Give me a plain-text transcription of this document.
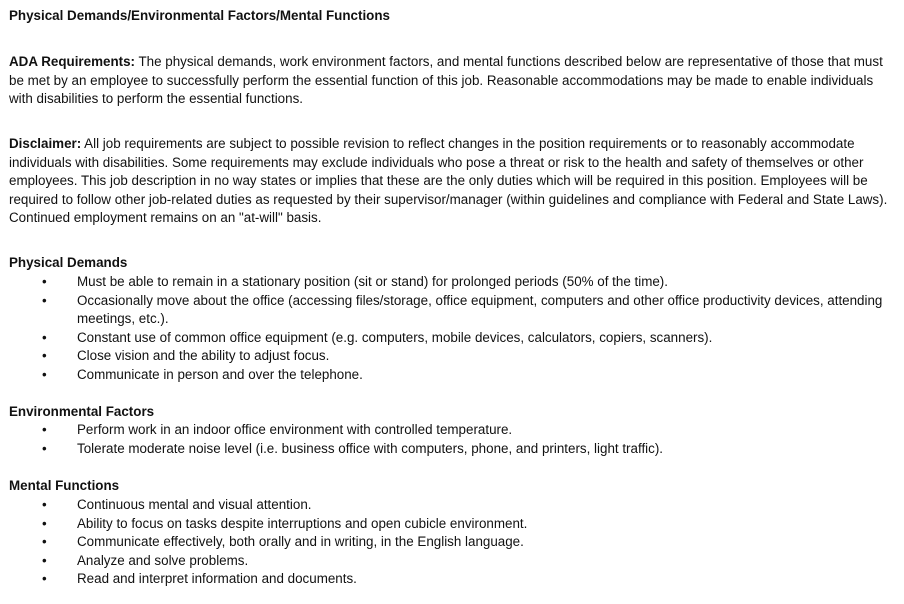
Physical Demands/Environmental Factors/Mental Functions
ADA Requirements: The physical demands, work environment factors, and mental functions described below are representative of those that must be met by an employee to successfully perform the essential function of this job. Reasonable accommodations may be made to enable individuals with disabilities to perform the essential functions.
Disclaimer: All job requirements are subject to possible revision to reflect changes in the position requirements or to reasonably accommodate individuals with disabilities. Some requirements may exclude individuals who pose a threat or risk to the health and safety of themselves or other employees. This job description in no way states or implies that these are the only duties which will be required in this position. Employees will be required to follow other job-related duties as requested by their supervisor/manager (within guidelines and compliance with Federal and State Laws). Continued employment remains on an "at-will" basis.
Physical Demands
• Must be able to remain in a stationary position (sit or stand) for prolonged periods (50% of the time).
• Occasionally move about the office (accessing files/storage, office equipment, computers and other office productivity devices, attending meetings, etc.).
• Constant use of common office equipment (e.g. computers, mobile devices, calculators, copiers, scanners).
• Close vision and the ability to adjust focus.
• Communicate in person and over the telephone.
Environmental Factors
• Perform work in an indoor office environment with controlled temperature.
• Tolerate moderate noise level (i.e. business office with computers, phone, and printers, light traffic).
Mental Functions
• Continuous mental and visual attention.
• Ability to focus on tasks despite interruptions and open cubicle environment.
• Communicate effectively, both orally and in writing, in the English language.
• Analyze and solve problems.
• Read and interpret information and documents.
